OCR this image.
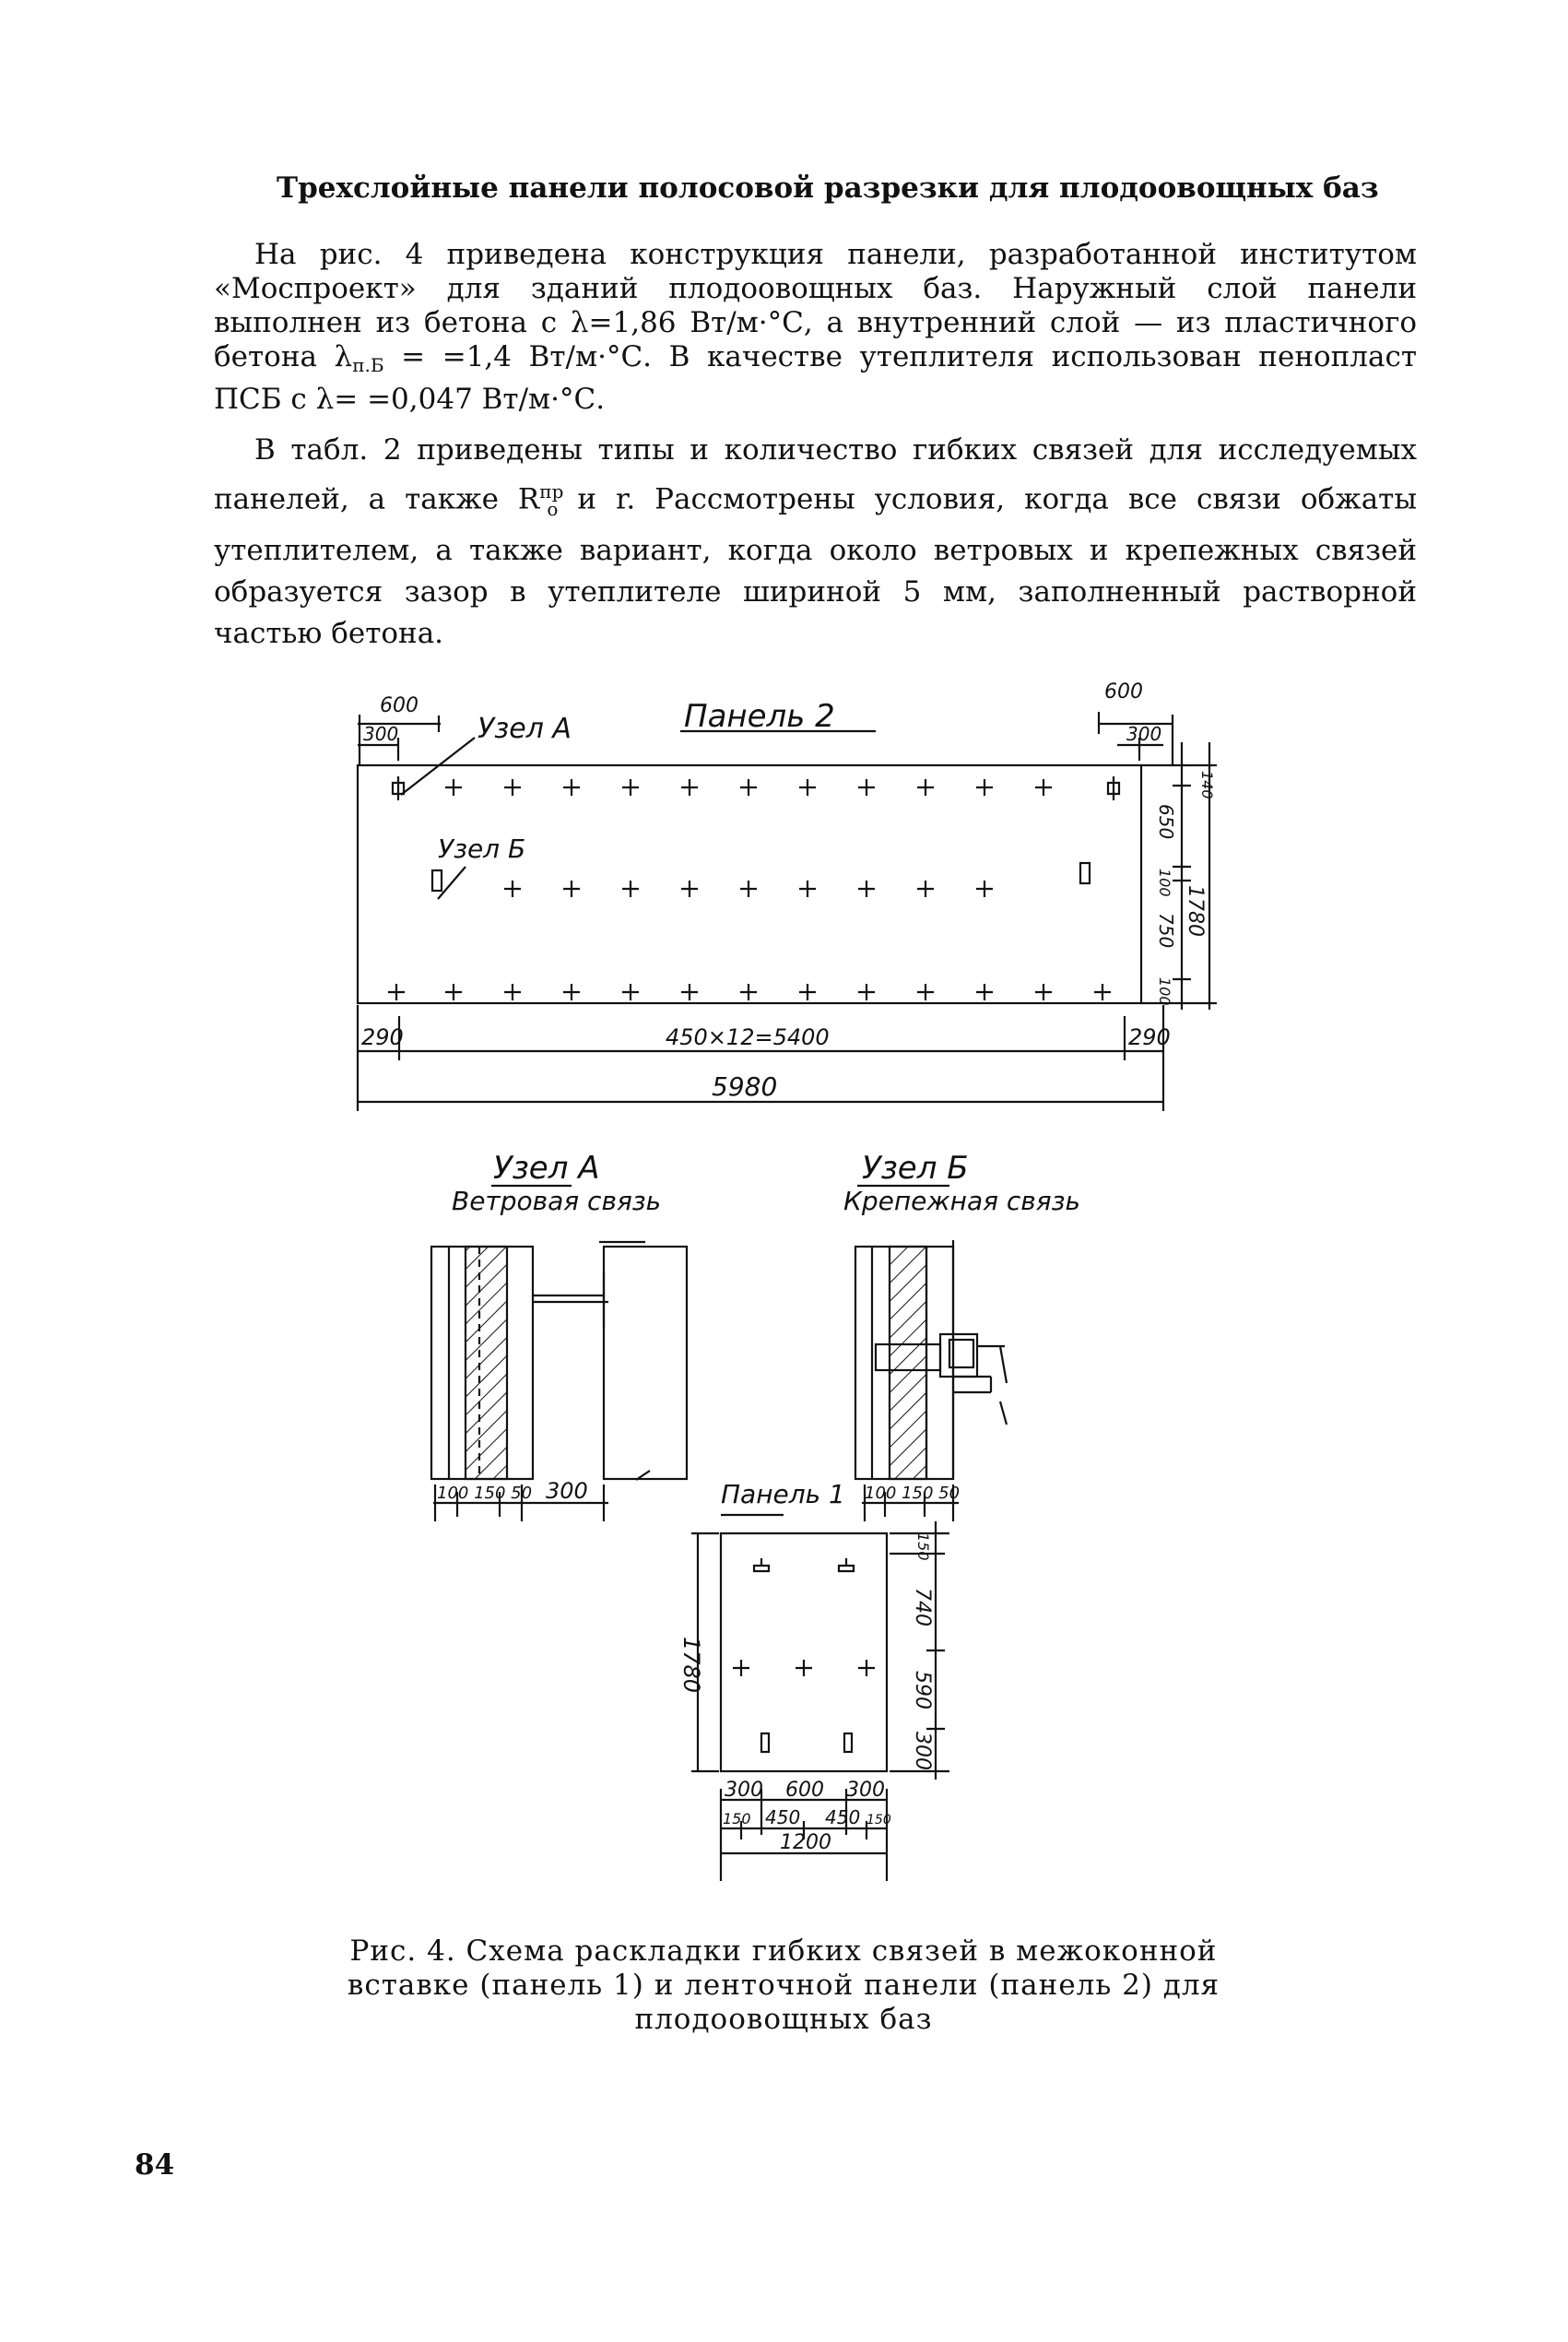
Трехслойные панели полосовой разрезки для плодоовощных баз
На рис. 4 приведена конструкция панели, разработанной институтом «Моспроект» для зданий плодоовощных баз. Наружный слой панели выполнен из бетона с λ=1,86 Вт/м·°С, а внутренний слой — из пластичного бетона $\lambda_{п.Б} = =1,4$ Вт/м·°С. В качестве утеплителя использован пенопласт ПСБ с λ= =0,047 Вт/м·°С.
В табл. 2 приведены типы и количество гибких связей для исследуемых панелей, а также $R^{пр}_о$ и r. Рассмотрены условия, когда все связи обжаты утеплителем, а также вариант, когда около ветровых и крепежных связей образуется зазор в утеплителе шириной 5 мм, заполненный растворной частью бетона.
Панель 2
Узел А
Узел Б
600
300
600
300
290	290
450×12=5400
5980
140
650
100
750
100
1780
Узел А
Ветровая связь
100 150 50 300
Узел Б
Крепежная связь
100 150 50
Панель 1
1780
150
740
590
300
300 600 300
150 450 450 150
1200
Рис. 4. Схема раскладки гибких связей в межоконной вставке (панель 1) и ленточной панели (панель 2) для плодоовощных баз
84
